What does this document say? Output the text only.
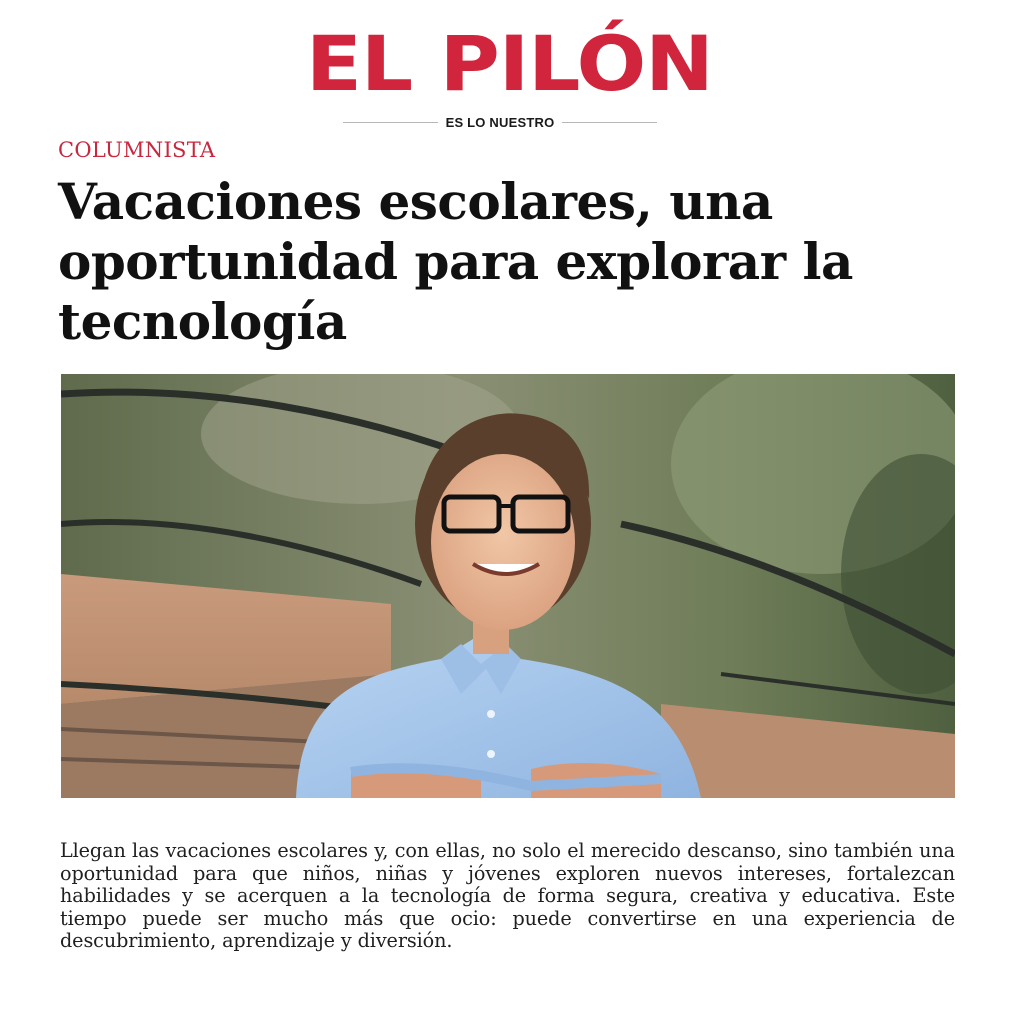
EL PILÓN
ES LO NUESTRO
COLUMNISTA
Vacaciones escolares, una oportunidad para explorar la tecnología

Llegan las vacaciones escolares y, con ellas, no solo el merecido descanso, sino también una oportunidad para que niños, niñas y jóvenes exploren nuevos intereses, fortalezcan habilidades y se acerquen a la tecnología de forma segura, creativa y educativa. Este tiempo puede ser mucho más que ocio: puede convertirse en una experiencia de descubrimiento, aprendizaje y diversión.
